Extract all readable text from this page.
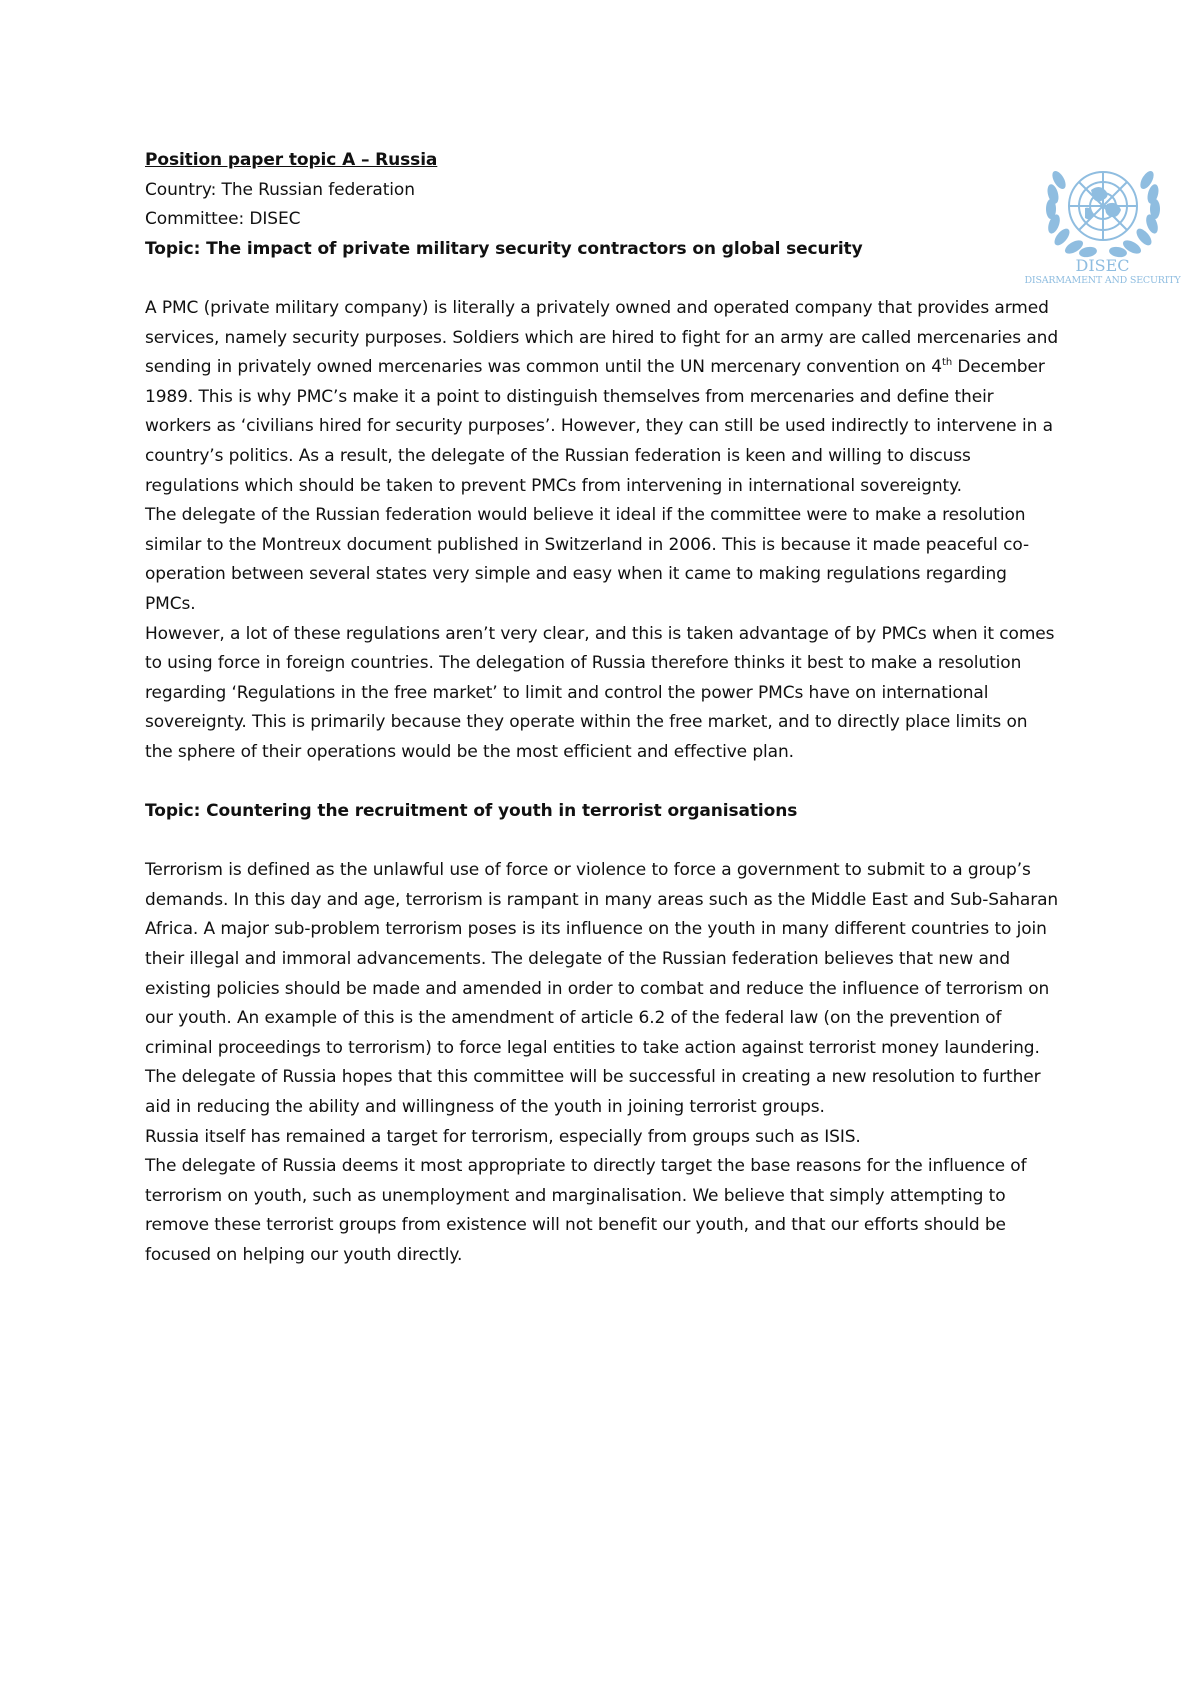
DISEC
DISARMAMENT AND SECURITY

Position paper topic A – Russia

Country: The Russian federation

Committee: DISEC

Topic: The impact of private military security contractors on global security

A PMC (private military company) is literally a privately owned and operated company that provides armed services, namely security purposes. Soldiers which are hired to fight for an army are called mercenaries and sending in privately owned mercenaries was common until the UN mercenary convention on 4th December 1989. This is why PMC’s make it a point to distinguish themselves from mercenaries and define their workers as ‘civilians hired for security purposes’. However, they can still be used indirectly to intervene in a country’s politics. As a result, the delegate of the Russian federation is keen and willing to discuss regulations which should be taken to prevent PMCs from intervening in international sovereignty.

The delegate of the Russian federation would believe it ideal if the committee were to make a resolution similar to the Montreux document published in Switzerland in 2006. This is because it made peaceful co-operation between several states very simple and easy when it came to making regulations regarding PMCs.

However, a lot of these regulations aren’t very clear, and this is taken advantage of by PMCs when it comes to using force in foreign countries. The delegation of Russia therefore thinks it best to make a resolution regarding ‘Regulations in the free market’ to limit and control the power PMCs have on international sovereignty. This is primarily because they operate within the free market, and to directly place limits on the sphere of their operations would be the most efficient and effective plan.

Topic: Countering the recruitment of youth in terrorist organisations

Terrorism is defined as the unlawful use of force or violence to force a government to submit to a group’s demands. In this day and age, terrorism is rampant in many areas such as the Middle East and Sub-Saharan Africa. A major sub-problem terrorism poses is its influence on the youth in many different countries to join their illegal and immoral advancements. The delegate of the Russian federation believes that new and existing policies should be made and amended in order to combat and reduce the influence of terrorism on our youth. An example of this is the amendment of article 6.2 of the federal law (on the prevention of criminal proceedings to terrorism) to force legal entities to take action against terrorist money laundering. The delegate of Russia hopes that this committee will be successful in creating a new resolution to further aid in reducing the ability and willingness of the youth in joining terrorist groups.

Russia itself has remained a target for terrorism, especially from groups such as ISIS.

The delegate of Russia deems it most appropriate to directly target the base reasons for the influence of terrorism on youth, such as unemployment and marginalisation. We believe that simply attempting to remove these terrorist groups from existence will not benefit our youth, and that our efforts should be focused on helping our youth directly.
